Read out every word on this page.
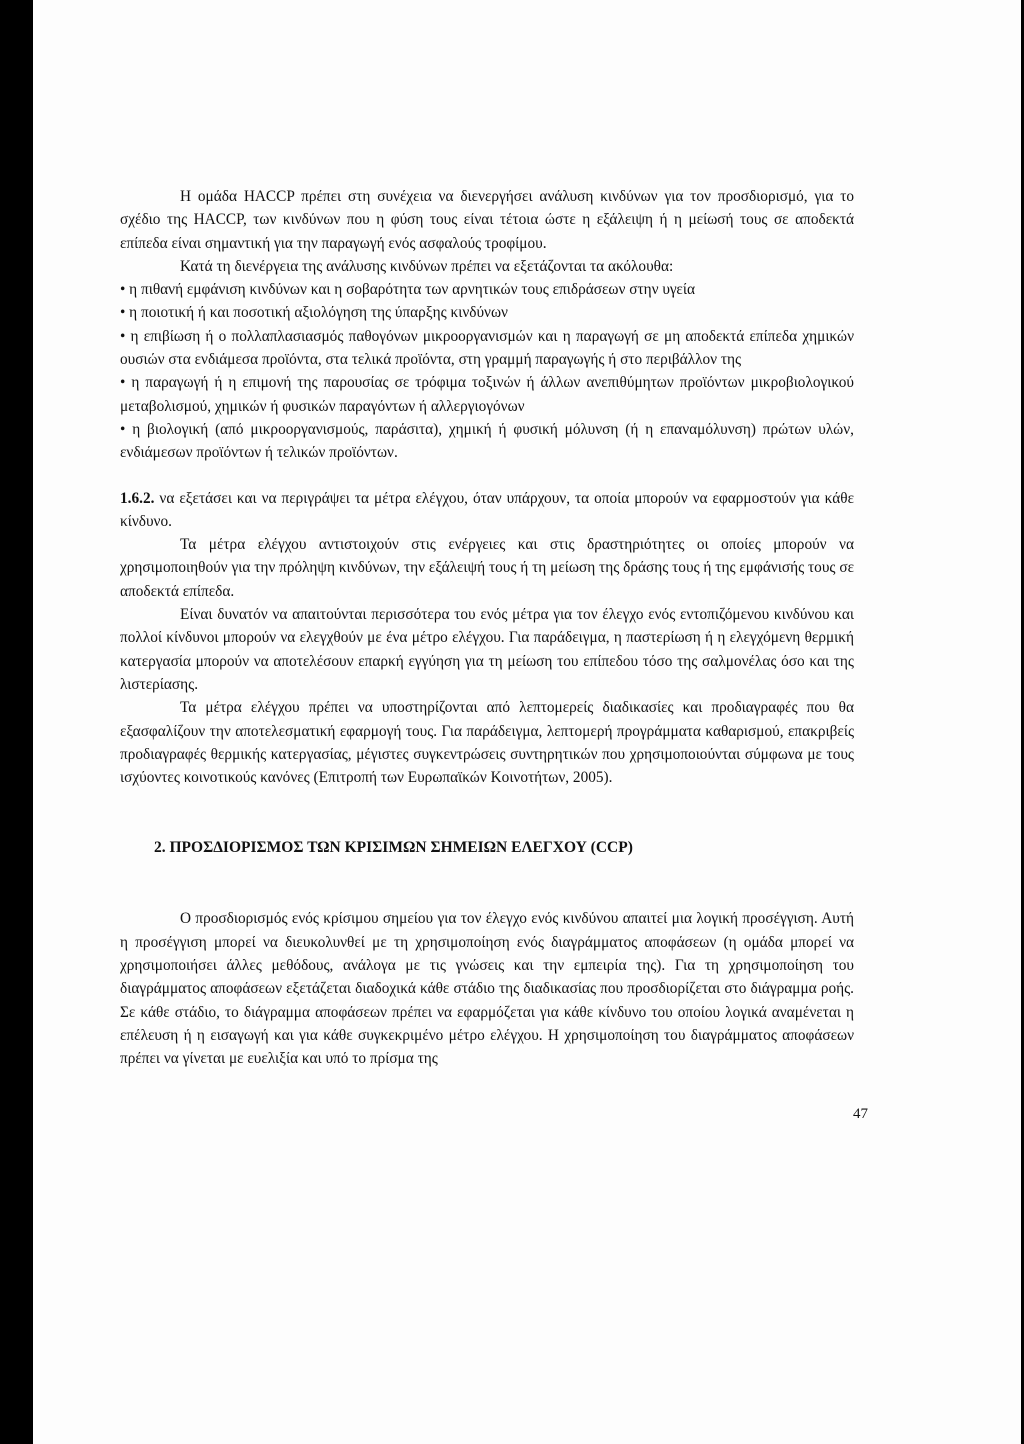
Η ομάδα HACCP πρέπει στη συνέχεια να διενεργήσει ανάλυση κινδύνων για τον προσδιορισμό, για το σχέδιο της HACCP, των κινδύνων που η φύση τους είναι τέτοια ώστε η εξάλειψη ή η μείωσή τους σε αποδεκτά επίπεδα είναι σημαντική για την παραγωγή ενός ασφαλούς τροφίμου.

Κατά τη διενέργεια της ανάλυσης κινδύνων πρέπει να εξετάζονται τα ακόλουθα:

• η πιθανή εμφάνιση κινδύνων και η σοβαρότητα των αρνητικών τους επιδράσεων στην υγεία

• η ποιοτική ή και ποσοτική αξιολόγηση της ύπαρξης κινδύνων

• η επιβίωση ή ο πολλαπλασιασμός παθογόνων μικροοργανισμών και η παραγωγή σε μη αποδεκτά επίπεδα χημικών ουσιών στα ενδιάμεσα προϊόντα, στα τελικά προϊόντα, στη γραμμή παραγωγής ή στο περιβάλλον της

• η παραγωγή ή η επιμονή της παρουσίας σε τρόφιμα τοξινών ή άλλων ανεπιθύμητων προϊόντων μικροβιολογικού μεταβολισμού, χημικών ή φυσικών παραγόντων ή αλλεργιογόνων

• η βιολογική (από μικροοργανισμούς, παράσιτα), χημική ή φυσική μόλυνση (ή η επαναμόλυνση) πρώτων υλών, ενδιάμεσων προϊόντων ή τελικών προϊόντων.

1.6.2. να εξετάσει και να περιγράψει τα μέτρα ελέγχου, όταν υπάρχουν, τα οποία μπορούν να εφαρμοστούν για κάθε κίνδυνο.

Τα μέτρα ελέγχου αντιστοιχούν στις ενέργειες και στις δραστηριότητες οι οποίες μπορούν να χρησιμοποιηθούν για την πρόληψη κινδύνων, την εξάλειψή τους ή τη μείωση της δράσης τους ή της εμφάνισής τους σε αποδεκτά επίπεδα.

Είναι δυνατόν να απαιτούνται περισσότερα του ενός μέτρα για τον έλεγχο ενός εντοπιζόμενου κινδύνου και πολλοί κίνδυνοι μπορούν να ελεγχθούν με ένα μέτρο ελέγχου. Για παράδειγμα, η παστερίωση ή η ελεγχόμενη θερμική κατεργασία μπορούν να αποτελέσουν επαρκή εγγύηση για τη μείωση του επίπεδου τόσο της σαλμονέλας όσο και της λιστερίασης.

Τα μέτρα ελέγχου πρέπει να υποστηρίζονται από λεπτομερείς διαδικασίες και προδιαγραφές που θα εξασφαλίζουν την αποτελεσματική εφαρμογή τους. Για παράδειγμα, λεπτομερή προγράμματα καθαρισμού, επακριβείς προδιαγραφές θερμικής κατεργασίας, μέγιστες συγκεντρώσεις συντηρητικών που χρησιμοποιούνται σύμφωνα με τους ισχύοντες κοινοτικούς κανόνες (Επιτροπή των Ευρωπαϊκών Κοινοτήτων, 2005).

2. ΠΡΟΣΔΙΟΡΙΣΜΟΣ ΤΩΝ ΚΡΙΣΙΜΩΝ ΣΗΜΕΙΩΝ ΕΛΕΓΧΟΥ (CCP)

Ο προσδιορισμός ενός κρίσιμου σημείου για τον έλεγχο ενός κινδύνου απαιτεί μια λογική προσέγγιση. Αυτή η προσέγγιση μπορεί να διευκολυνθεί με τη χρησιμοποίηση ενός διαγράμματος αποφάσεων (η ομάδα μπορεί να χρησιμοποιήσει άλλες μεθόδους, ανάλογα με τις γνώσεις και την εμπειρία της). Για τη χρησιμοποίηση του διαγράμματος αποφάσεων εξετάζεται διαδοχικά κάθε στάδιο της διαδικασίας που προσδιορίζεται στο διάγραμμα ροής. Σε κάθε στάδιο, το διάγραμμα αποφάσεων πρέπει να εφαρμόζεται για κάθε κίνδυνο του οποίου λογικά αναμένεται η επέλευση ή η εισαγωγή και για κάθε συγκεκριμένο μέτρο ελέγχου. Η χρησιμοποίηση του διαγράμματος αποφάσεων πρέπει να γίνεται με ευελιξία και υπό το πρίσμα της

47
